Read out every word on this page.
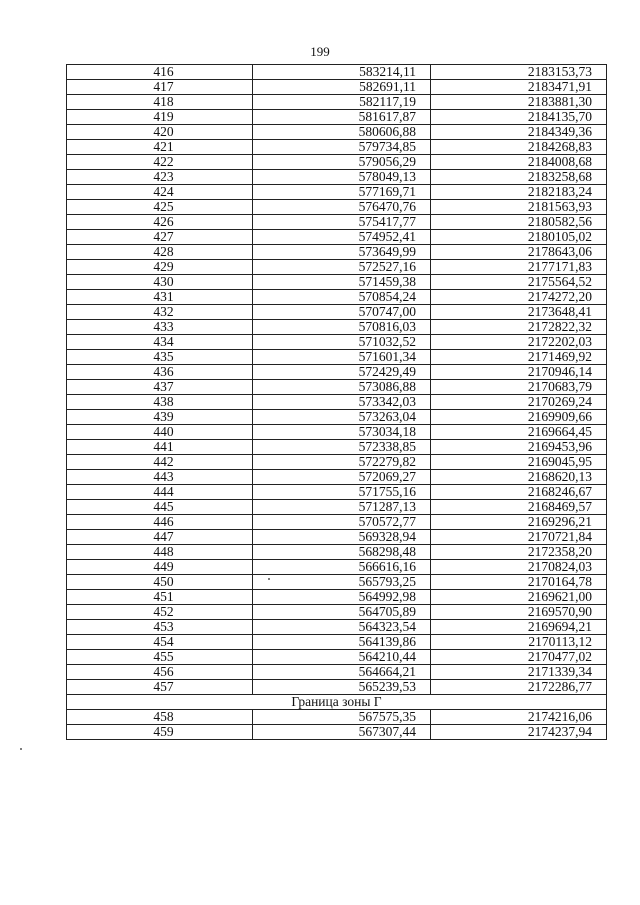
199
416	583214,11	2183153,73
417	582691,11	2183471,91
418	582117,19	2183881,30
419	581617,87	2184135,70
420	580606,88	2184349,36
421	579734,85	2184268,83
422	579056,29	2184008,68
423	578049,13	2183258,68
424	577169,71	2182183,24
425	576470,76	2181563,93
426	575417,77	2180582,56
427	574952,41	2180105,02
428	573649,99	2178643,06
429	572527,16	2177171,83
430	571459,38	2175564,52
431	570854,24	2174272,20
432	570747,00	2173648,41
433	570816,03	2172822,32
434	571032,52	2172202,03
435	571601,34	2171469,92
436	572429,49	2170946,14
437	573086,88	2170683,79
438	573342,03	2170269,24
439	573263,04	2169909,66
440	573034,18	2169664,45
441	572338,85	2169453,96
442	572279,82	2169045,95
443	572069,27	2168620,13
444	571755,16	2168246,67
445	571287,13	2168469,57
446	570572,77	2169296,21
447	569328,94	2170721,84
448	568298,48	2172358,20
449	566616,16	2170824,03
450	565793,25	2170164,78
451	564992,98	2169621,00
452	564705,89	2169570,90
453	564323,54	2169694,21
454	564139,86	2170113,12
455	564210,44	2170477,02
456	564664,21	2171339,34
457	565239,53	2172286,77
Граница зоны Г		
458	567575,35	2174216,06
459	567307,44	2174237,94
